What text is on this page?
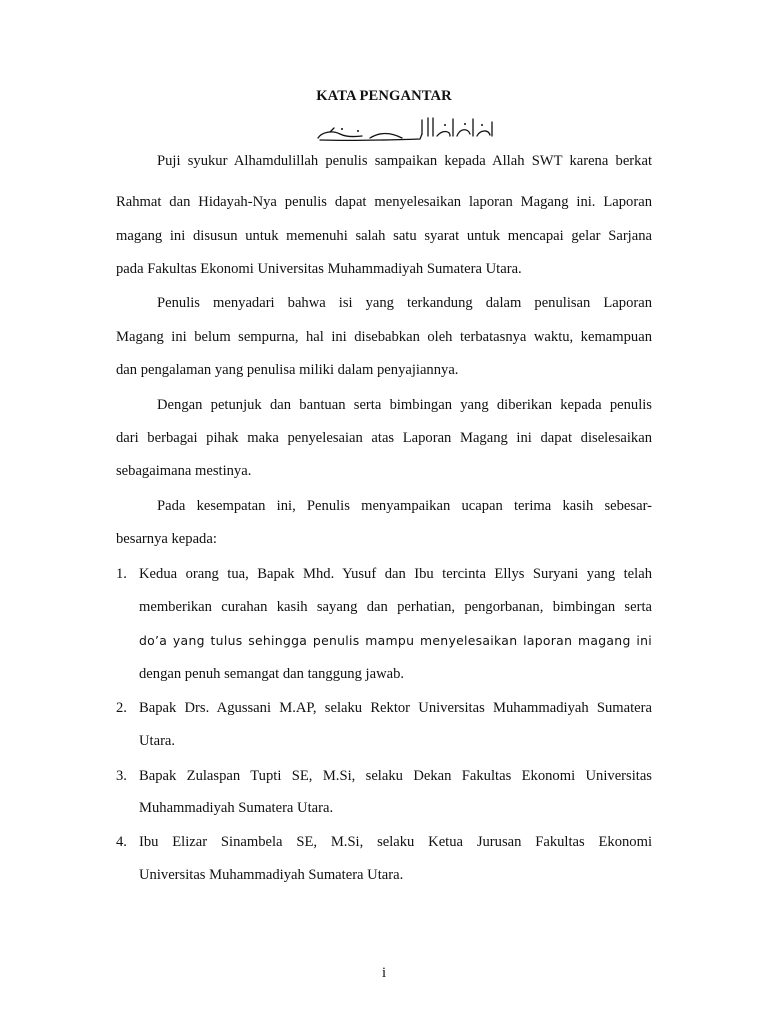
KATA PENGANTAR
Puji syukur Alhamdulillah penulis sampaikan kepada Allah SWT karena berkat
Rahmat dan Hidayah-Nya penulis dapat menyelesaikan laporan Magang ini. Laporan
magang ini disusun untuk memenuhi salah satu syarat untuk mencapai gelar Sarjana
pada Fakultas Ekonomi Universitas Muhammadiyah Sumatera Utara.
Penulis menyadari bahwa isi yang terkandung dalam penulisan Laporan
Magang ini belum sempurna, hal ini disebabkan oleh terbatasnya waktu, kemampuan
dan pengalaman yang penulisa miliki dalam penyajiannya.
Dengan petunjuk dan bantuan serta bimbingan yang diberikan kepada penulis
dari berbagai pihak maka penyelesaian atas Laporan Magang ini dapat diselesaikan
sebagaimana mestinya.
Pada kesempatan ini, Penulis menyampaikan ucapan terima kasih sebesar-
besarnya kepada:
1. Kedua orang tua, Bapak Mhd. Yusuf dan Ibu tercinta Ellys Suryani yang telah
memberikan curahan kasih sayang dan perhatian, pengorbanan, bimbingan serta
do’a yang tulus sehingga penulis mampu menyelesaikan laporan magang ini
dengan penuh semangat dan tanggung jawab.
2. Bapak Drs. Agussani M.AP, selaku Rektor Universitas Muhammadiyah Sumatera
Utara.
3. Bapak Zulaspan Tupti SE, M.Si, selaku Dekan Fakultas Ekonomi Universitas
Muhammadiyah Sumatera Utara.
4. Ibu Elizar Sinambela SE, M.Si, selaku Ketua Jurusan Fakultas Ekonomi
Universitas Muhammadiyah Sumatera Utara.
i
